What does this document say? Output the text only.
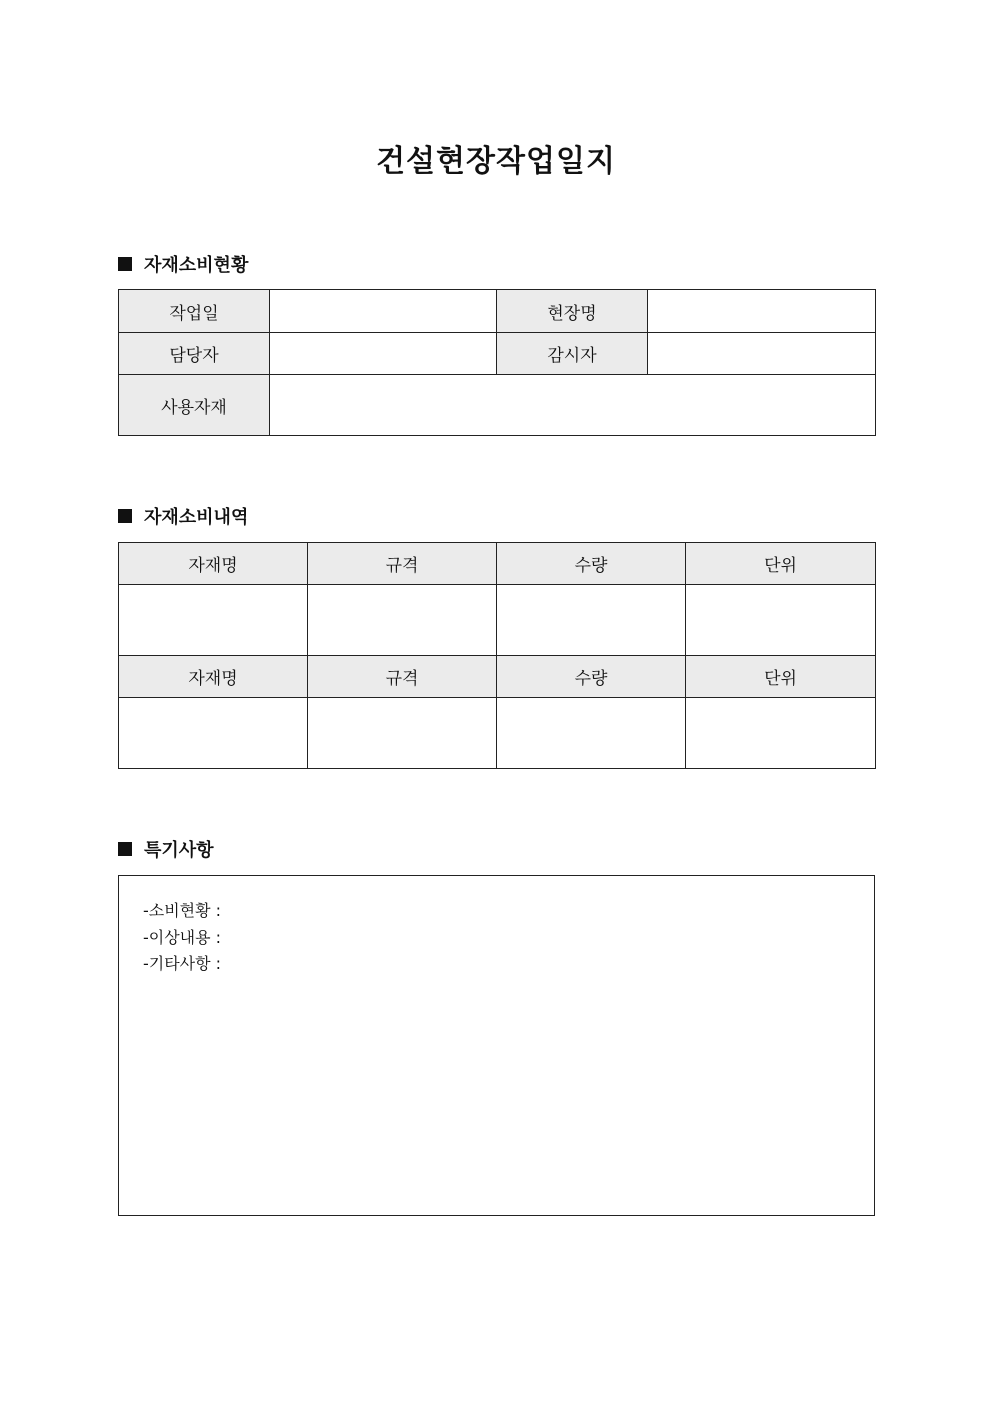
건설현장작업일지
자재소비현황
작업일		현장명	
담당자		감시자	
사용자재			
자재소비내역
자재명	규격	수량	단위

자재명	규격	수량	단위

특기사항
-소비현황 :
-이상내용 :
-기타사항 :
